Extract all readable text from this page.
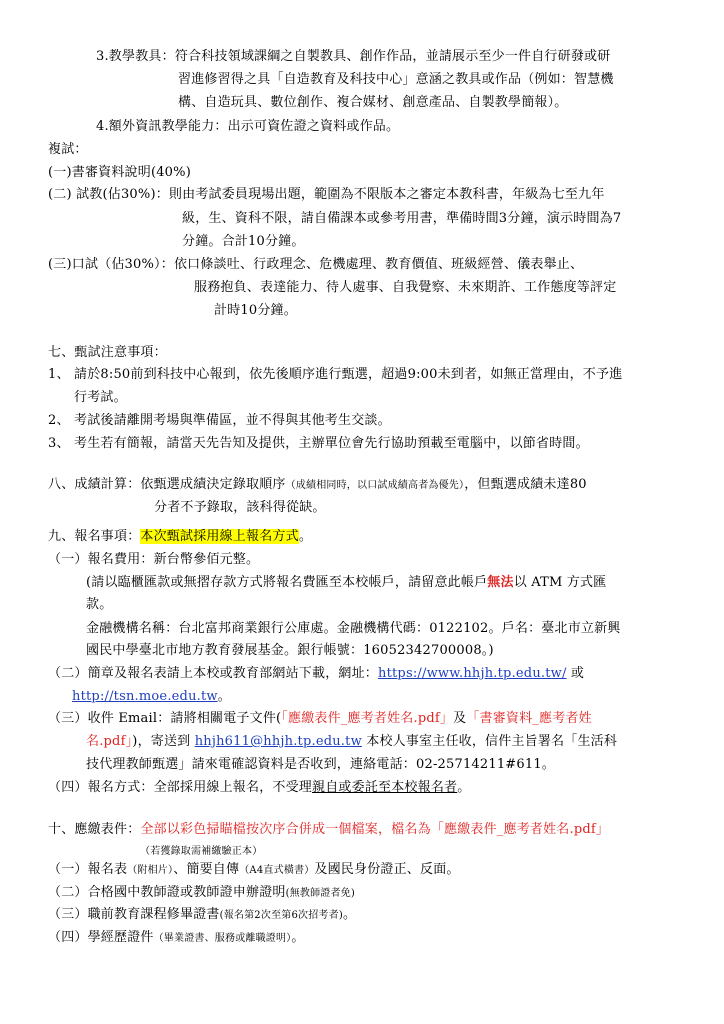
3.教學教具：符合科技領域課綱之自製教具、創作作品，並請展示至少一件自行研發或研
習進修習得之具「自造教育及科技中心」意涵之教具或作品（例如：智慧機
構、自造玩具、數位創作、複合媒材、創意產品、自製教學簡報）。
4.額外資訊教學能力：出示可資佐證之資料或作品。
複試：
(一)書審資料說明(40%)
(二) 試教(佔30%)：則由考試委員現場出題，範圍為不限版本之審定本教科書，年級為七至九年
級，生、資科不限，請自備課本或參考用書，準備時間3分鐘，演示時間為7
分鐘。合計10分鐘。
(三)口試（佔30%）：依口條談吐、行政理念、危機處理、教育價值、班級經營、儀表舉止、
服務抱負、表達能力、待人處事、自我覺察、未來期許、工作態度等評定
計時10分鐘。
七、甄試注意事項：
1、 請於8:50前到科技中心報到，依先後順序進行甄選，超過9:00未到者，如無正當理由，不予進
行考試。
2、 考試後請離開考場與準備區，並不得與其他考生交談。
3、 考生若有簡報，請當天先告知及提供，主辦單位會先行協助預載至電腦中，以節省時間。
八、成績計算：依甄選成績決定錄取順序（成績相同時，以口試成績高者為優先），但甄選成績未達80
分者不予錄取，該科得從缺。
九、報名事項：本次甄試採用線上報名方式。
（一）報名費用：新台幣參佰元整。
(請以臨櫃匯款或無摺存款方式將報名費匯至本校帳戶，請留意此帳戶無法以 ATM 方式匯
款。
金融機構名稱：台北富邦商業銀行公庫處。金融機構代碼：0122102。戶名：臺北市立新興
國民中學臺北市地方教育發展基金。銀行帳號：16052342700008。)
（二）簡章及報名表請上本校或教育部網站下載，網址：https://www.hhjh.tp.edu.tw/ 或
http://tsn.moe.edu.tw。
（三）收件 Email：請將相關電子文件(「應繳表件_應考者姓名.pdf」及「書審資料_應考者姓
名.pdf」)，寄送到 hhjh611@hhjh.tp.edu.tw 本校人事室主任收，信件主旨署名「生活科
技代理教師甄選」請來電確認資料是否收到，連絡電話：02-25714211#611。
（四）報名方式：全部採用線上報名，不受理親自或委託至本校報名者。
十、應繳表件：全部以彩色掃瞄檔按次序合併成一個檔案，檔名為「應繳表件_應考者姓名.pdf」
（若獲錄取需補繳驗正本）
（一）報名表（附相片）、簡要自傳（A4直式橫書）及國民身份證正、反面。
（二）合格國中教師證或教師證申辦證明(無教師證者免)
（三）職前教育課程修畢證書(報名第2次至第6次招考者)。
（四）學經歷證件（畢業證書、服務或離職證明）。
